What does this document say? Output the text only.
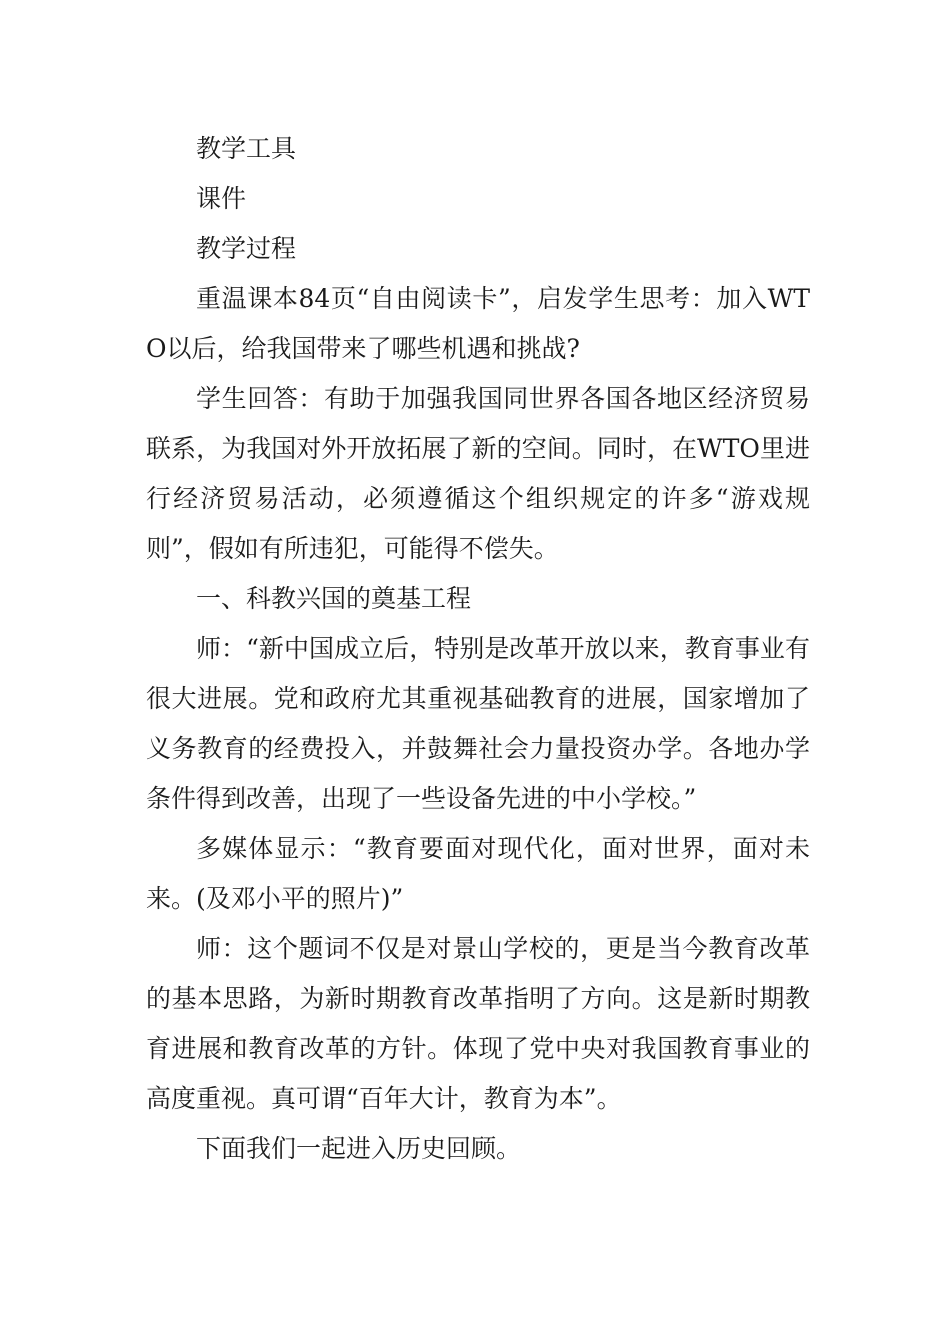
教学工具

课件

教学过程

重温课本84页“自由阅读卡”，启发学生思考：加入WTO以后，给我国带来了哪些机遇和挑战?

学生回答：有助于加强我国同世界各国各地区经济贸易联系，为我国对外开放拓展了新的空间。同时，在WTO里进行经济贸易活动，必须遵循这个组织规定的许多“游戏规则”，假如有所违犯，可能得不偿失。

一、科教兴国的奠基工程

师：“新中国成立后，特别是改革开放以来，教育事业有很大进展。党和政府尤其重视基础教育的进展，国家增加了义务教育的经费投入，并鼓舞社会力量投资办学。各地办学条件得到改善，出现了一些设备先进的中小学校。”

多媒体显示：“教育要面对现代化，面对世界，面对未来。(及邓小平的照片)”

师：这个题词不仅是对景山学校的，更是当今教育改革的基本思路，为新时期教育改革指明了方向。这是新时期教育进展和教育改革的方针。体现了党中央对我国教育事业的高度重视。真可谓“百年大计，教育为本”。

下面我们一起进入历史回顾。
